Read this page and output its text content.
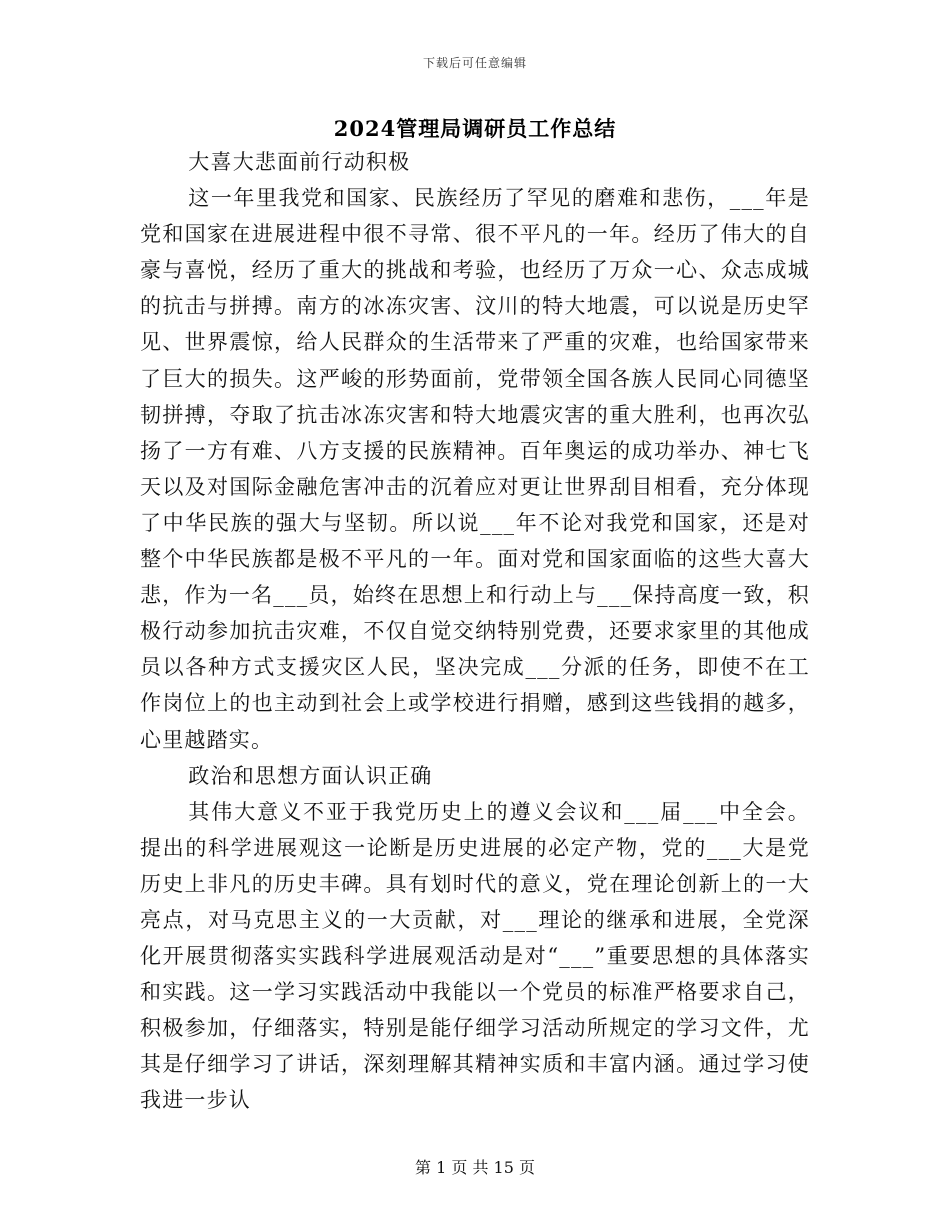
下载后可任意编辑
2024管理局调研员工作总结

大喜大悲面前行动积极

这一年里我党和国家、民族经历了罕见的磨难和悲伤，___年是党和国家在进展进程中很不寻常、很不平凡的一年。经历了伟大的自豪与喜悦，经历了重大的挑战和考验，也经历了万众一心、众志成城的抗击与拼搏。南方的冰冻灾害、汶川的特大地震，可以说是历史罕见、世界震惊，给人民群众的生活带来了严重的灾难，也给国家带来了巨大的损失。这严峻的形势面前，党带领全国各族人民同心同德坚韧拼搏，夺取了抗击冰冻灾害和特大地震灾害的重大胜利，也再次弘扬了一方有难、八方支援的民族精神。百年奥运的成功举办、神七飞天以及对国际金融危害冲击的沉着应对更让世界刮目相看，充分体现了中华民族的强大与坚韧。所以说___年不论对我党和国家，还是对整个中华民族都是极不平凡的一年。面对党和国家面临的这些大喜大悲，作为一名___员，始终在思想上和行动上与___保持高度一致，积极行动参加抗击灾难，不仅自觉交纳特别党费，还要求家里的其他成员以各种方式支援灾区人民，坚决完成___分派的任务，即使不在工作岗位上的也主动到社会上或学校进行捐赠，感到这些钱捐的越多，心里越踏实。

政治和思想方面认识正确

其伟大意义不亚于我党历史上的遵义会议和___届___中全会。提出的科学进展观这一论断是历史进展的必定产物，党的___大是党历史上非凡的历史丰碑。具有划时代的意义，党在理论创新上的一大亮点，对马克思主义的一大贡献，对___理论的继承和进展，全党深化开展贯彻落实实践科学进展观活动是对“___”重要思想的具体落实和实践。这一学习实践活动中我能以一个党员的标准严格要求自己，积极参加，仔细落实，特别是能仔细学习活动所规定的学习文件，尤其是仔细学习了讲话，深刻理解其精神实质和丰富内涵。通过学习使我进一步认

第 1 页 共 15 页
